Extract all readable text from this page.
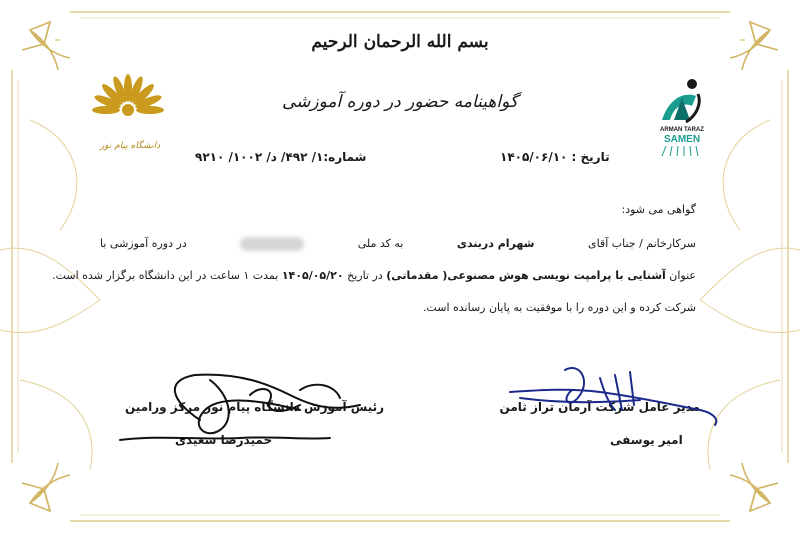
بسم الله الرحمان الرحیم
گواهینامه حضور در دوره آموزشی
دانشگاه پیام نور
ARMAN TARAZ
SAMEN
شماره:۱/ ۴۹۲/ د/ ۱۰۰۲/ ۹۲۱۰	تاریخ : ۱۴۰۵/۰۶/۱۰
گواهی می شود:
سرکارخانم / جناب آقای
شهرام دربندی
به کد ملی
در دوره آموزشی با
عنوان آشنایی با پرامپت نویسی هوش مصنوعی( مقدماتی) در تاریخ ۱۴۰۵/۰۵/۲۰ بمدت ۱ ساعت در این دانشگاه برگزار شده است.
شرکت کرده و این دوره را با موفقیت به پایان رسانده است.
رئیس آموزش دانشگاه پیام نور مرکز ورامین
حمیدرضا سعیدی
مدیر عامل شرکت آرمان تراز ثامن
امیر یوسفی
